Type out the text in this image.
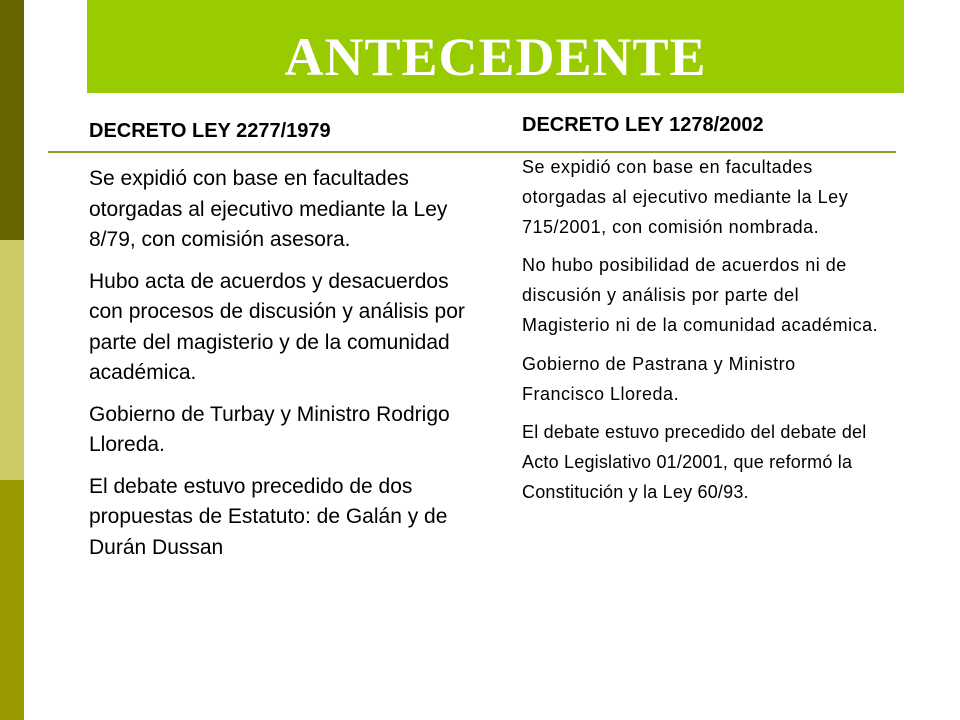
ANTECEDENTE
DECRETO LEY 2277/1979

Se expidió con base en facultades otorgadas al ejecutivo mediante la Ley 8/79, con comisión asesora.

Hubo acta de acuerdos y desacuerdos con procesos de discusión y análisis por parte del magisterio y de la comunidad académica.

Gobierno de Turbay y Ministro Rodrigo Lloreda.

El debate estuvo precedido de dos propuestas de Estatuto: de Galán y de Durán Dussan

DECRETO LEY 1278/2002

Se expidió con base en facultades otorgadas al ejecutivo mediante la Ley 715/2001, con comisión nombrada.

No hubo posibilidad de acuerdos ni de discusión y análisis por parte del Magisterio ni de la comunidad académica.

Gobierno de Pastrana y Ministro Francisco Lloreda.

El debate estuvo precedido del debate del Acto Legislativo 01/2001, que reformó la Constitución y la Ley 60/93.
